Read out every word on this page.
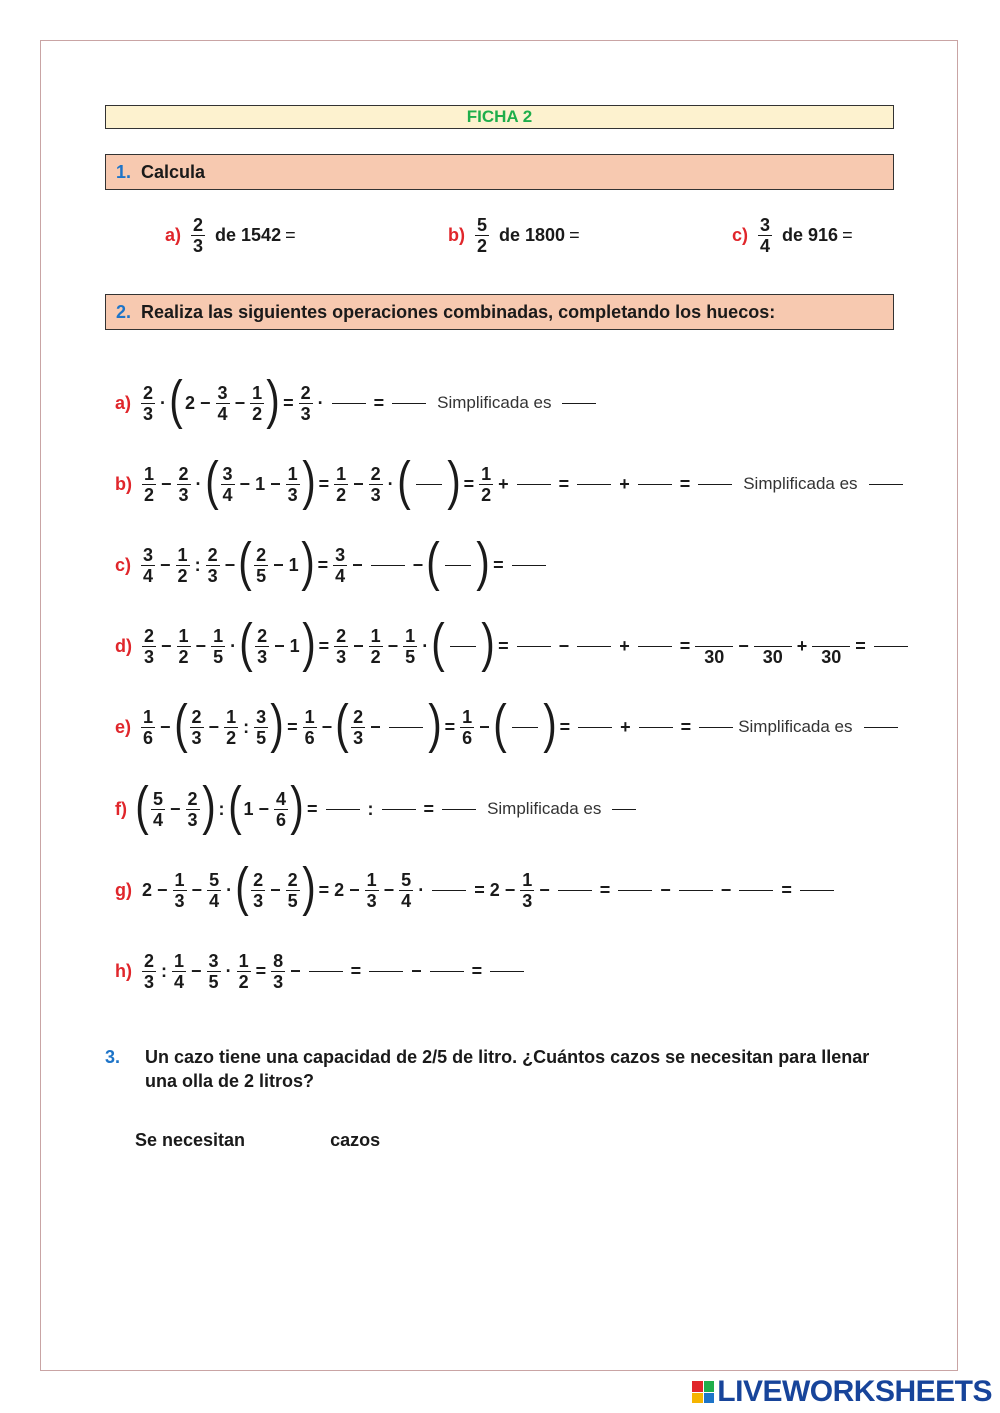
FICHA 2
1. Calcula
$a) \frac{2}{3}$ de 1542 =	$b) \frac{5}{2}$ de 1800 =	$c) \frac{3}{4}$ de 916 =
2. Realiza las siguientes operaciones combinadas, completando los huecos:
$a) \frac{2}{3}$ · ( $2 - \frac{3}{4} - \frac{1}{2}$ ) = $\frac{2}{3}$ ·	=	Simplificada es
$b) \frac{1}{2} - \frac{2}{3}$ · ( $\frac{3}{4} - 1 - \frac{1}{3}$ ) = $\frac{1}{2} - \frac{2}{3}$ · ( ) = $\frac{1}{2}$ +	=	+	=	Simplificada es
$c) \frac{3}{4} - \frac{1}{2}$ : $\frac{2}{3}$ − ( $\frac{2}{5} - 1$ ) = $\frac{3}{4}$ −	− ( ) =
$d) \frac{2}{3} - \frac{1}{2} - \frac{1}{5}$ · ( $\frac{2}{3} - 1$ ) = $\frac{2}{3} - \frac{1}{2} - \frac{1}{5}$ · ( ) =	−	+	=
30
−
30
+
30
=
$e) \frac{1}{6}$ − ( $\frac{2}{3} - \frac{1}{2}$ : $\frac{3}{5}$ ) = $\frac{1}{6}$ − ( $\frac{2}{3}$ − ) = $\frac{1}{6}$ − ( ) =	+	=	Simplificada es
f) ( $\frac{5}{4} - \frac{2}{3}$ ) : ( $1 - \frac{4}{6}$ ) =	:	=	Simplificada es
g) $2 - \frac{1}{3} - \frac{5}{4}$ · ( $\frac{2}{3} - \frac{2}{5}$ ) = $2 - \frac{1}{3} - \frac{5}{4}$ ·	= $2 - \frac{1}{3}$ −	=	−	−	=
$h) \frac{2}{3}$ : $\frac{1}{4} - \frac{3}{5} \cdot \frac{1}{2} = \frac{8}{3}$ −	=	−	=
3.	Un cazo tiene una capacidad de 2/5 de litro. ¿Cuántos cazos se necesitan para llenar una olla de 2 litros?
Se necesitan	cazos
LIVEWORKSHEETS
